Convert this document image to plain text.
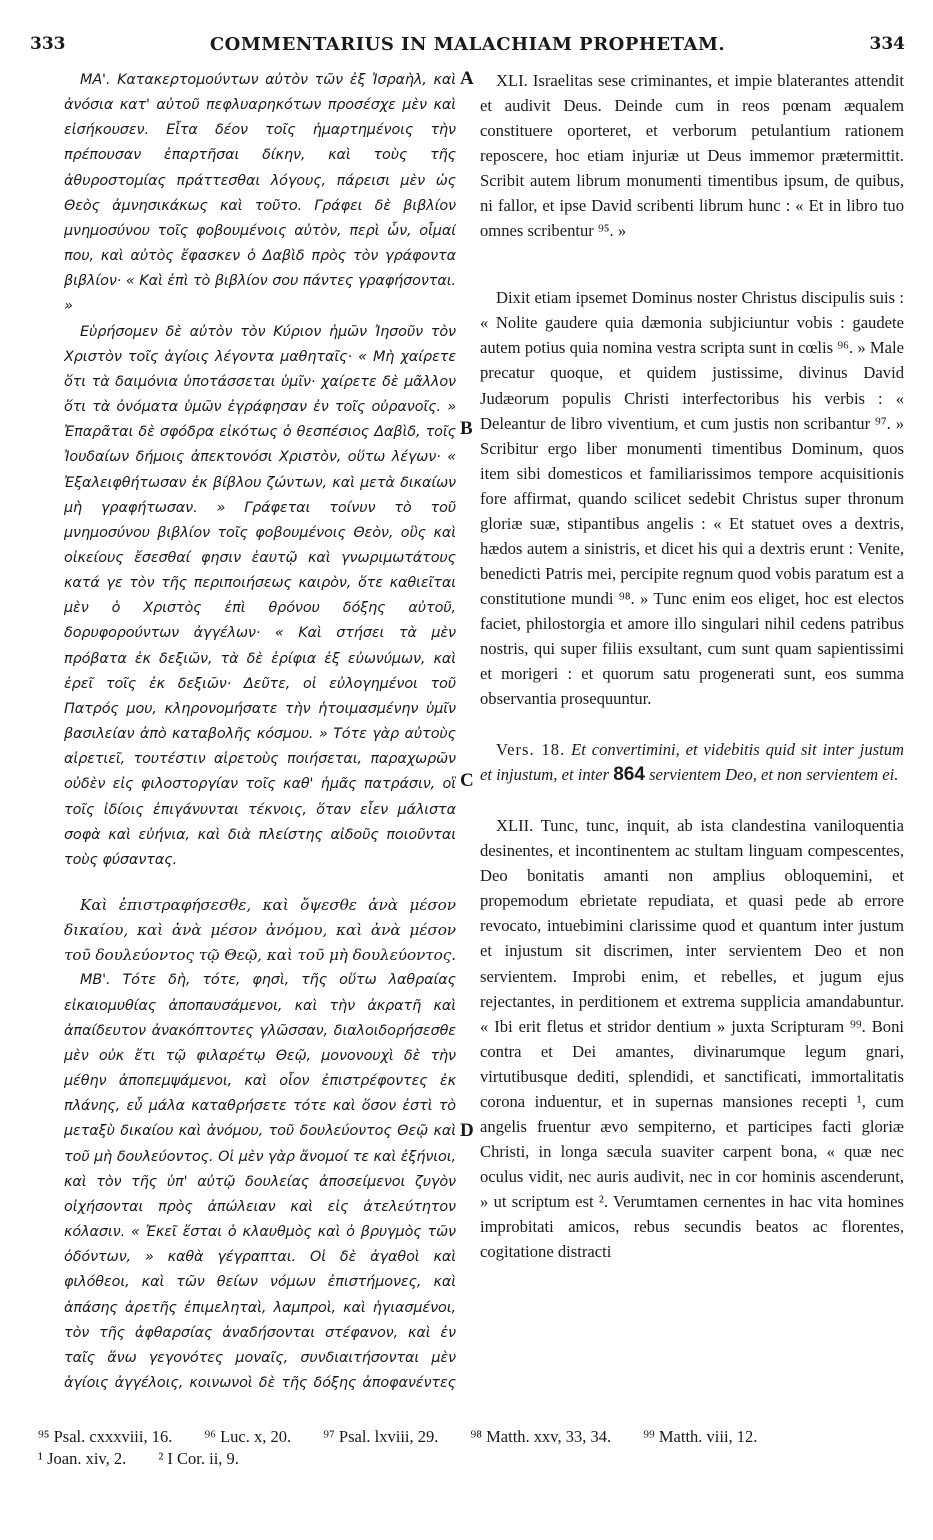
333	COMMENTARIUS IN MALACHIAM PROPHETAM.	334

ΜΑ'. Κατακερτομούντων αὐτὸν τῶν ἐξ Ἰσραὴλ, καὶ ἀνόσια κατ' αὐτοῦ πεφλυαρηκότων προσέσχε μὲν καὶ εἰσήκουσεν. Εἶτα δέον τοῖς ἡμαρτημένοις τὴν πρέπουσαν ἐπαρτῆσαι δίκην, καὶ τοὺς τῆς ἀθυροστομίας πράττεσθαι λόγους, πάρεισι μὲν ὡς Θεὸς ἀμνησικάκως καὶ τοῦτο. Γράφει δὲ βιβλίον μνημοσύνου τοῖς φοβουμένοις αὐτὸν, περὶ ὧν, οἶμαί που, καὶ αὐτὸς ἔφασκεν ὁ Δαβὶδ πρὸς τὸν γράφοντα βιβλίον· « Καὶ ἐπὶ τὸ βιβλίον σου πάντες γραφήσονται. »

Εὑρήσομεν δὲ αὐτὸν τὸν Κύριον ἡμῶν Ἰησοῦν τὸν Χριστὸν τοῖς ἁγίοις λέγοντα μαθηταῖς· « Μὴ χαίρετε ὅτι τὰ δαιμόνια ὑποτάσσεται ὑμῖν· χαίρετε δὲ μᾶλλον ὅτι τὰ ὀνόματα ὑμῶν ἐγράφησαν ἐν τοῖς οὐρανοῖς. » Ἐπαρᾶται δὲ σφόδρα εἰκότως ὁ θεσπέσιος Δαβὶδ, τοῖς Ἰουδαίων δήμοις ἀπεκτονόσι Χριστὸν, οὕτω λέγων· « Ἐξαλειφθήτωσαν ἐκ βίβλου ζώντων, καὶ μετὰ δικαίων μὴ γραφήτωσαν. » Γράφεται τοίνυν τὸ τοῦ μνημοσύνου βιβλίον τοῖς φοβουμένοις Θεὸν, οὓς καὶ οἰκείους ἔσεσθαί φησιν ἑαυτῷ καὶ γνωριμωτάτους κατά γε τὸν τῆς περιποιήσεως καιρὸν, ὅτε καθιεῖται μὲν ὁ Χριστὸς ἐπὶ θρόνου δόξης αὐτοῦ, δορυφορούντων ἀγγέλων· « Καὶ στήσει τὰ μὲν πρόβατα ἐκ δεξιῶν, τὰ δὲ ἐρίφια ἐξ εὐωνύμων, καὶ ἐρεῖ τοῖς ἐκ δεξιῶν· Δεῦτε, οἱ εὐλογημένοι τοῦ Πατρός μου, κληρονομήσατε τὴν ἡτοιμασμένην ὑμῖν βασιλείαν ἀπὸ καταβολῆς κόσμου. » Τότε γὰρ αὐτοὺς αἱρετιεῖ, τουτέστιν αἱρετοὺς ποιήσεται, παραχωρῶν οὐδὲν εἰς φιλοστοργίαν τοῖς καθ' ἡμᾶς πατράσιν, οἳ τοῖς ἰδίοις ἐπιγάνυνται τέκνοις, ὅταν εἶεν μάλιστα σοφὰ καὶ εὐήνια, καὶ διὰ πλείστης αἰδοῦς ποιοῦνται τοὺς φύσαντας.

Καὶ ἐπιστραφήσεσθε, καὶ ὄψεσθε ἀνὰ μέσον δικαίου, καὶ ἀνὰ μέσον ἀνόμου, καὶ ἀνὰ μέσον τοῦ δουλεύοντος τῷ Θεῷ, καὶ τοῦ μὴ δουλεύοντος.

ΜΒ'. Τότε δὴ, τότε, φησὶ, τῆς οὕτω λαθραίας εἰκαιομυθίας ἀποπαυσάμενοι, καὶ τὴν ἀκρατῆ καὶ ἀπαίδευτον ἀνακόπτοντες γλῶσσαν, διαλοιδορήσεσθε μὲν οὐκ ἔτι τῷ φιλαρέτῳ Θεῷ, μονονουχὶ δὲ τὴν μέθην ἀποπεμψάμενοι, καὶ οἷον ἐπιστρέφοντες ἐκ πλάνης, εὖ μάλα καταθρήσετε τότε καὶ ὅσον ἐστὶ τὸ μεταξὺ δικαίου καὶ ἀνόμου, τοῦ δουλεύοντος Θεῷ καὶ τοῦ μὴ δουλεύοντος. Οἱ μὲν γὰρ ἄνομοί τε καὶ ἐξήνιοι, καὶ τὸν τῆς ὑπ' αὐτῷ δουλείας ἀποσείμενοι ζυγὸν οἰχήσονται πρὸς ἀπώλειαν καὶ εἰς ἀτελεύτητον κόλασιν. « Ἐκεῖ ἔσται ὁ κλαυθμὸς καὶ ὁ βρυγμὸς τῶν ὀδόντων, » καθὰ γέγραπται. Οἱ δὲ ἀγαθοὶ καὶ φιλόθεοι, καὶ τῶν θείων νόμων ἐπιστήμονες, καὶ ἁπάσης ἀρετῆς ἐπιμεληταὶ, λαμπροὶ, καὶ ἡγιασμένοι, τὸν τῆς ἀφθαρσίας ἀναδήσονται στέφανον, καὶ ἐν ταῖς ἄνω γεγονότες μοναῖς, συνδιαιτήσονται μὲν ἁγίοις ἀγγέλοις, κοινωνοὶ δὲ τῆς δόξης ἀποφανέντες

XLI. Israelitas sese criminantes, et impie blaterantes attendit et audivit Deus. Deinde cum in reos pœnam æqualem constituere oporteret, et verborum petulantium rationem reposcere, hoc etiam injuriæ ut Deus immemor prætermittit. Scribit autem librum monumenti timentibus ipsum, de quibus, ni fallor, et ipse David scribenti librum hunc : « Et in libro tuo omnes scribentur ⁹⁵. »

Dixit etiam ipsemet Dominus noster Christus discipulis suis : « Nolite gaudere quia dæmonia subjiciuntur vobis : gaudete autem potius quia nomina vestra scripta sunt in cœlis ⁹⁶. » Male precatur quoque, et quidem justissime, divinus David Judæorum populis Christi interfectoribus his verbis : « Deleantur de libro viventium, et cum justis non scribantur ⁹⁷. » Scribitur ergo liber monumenti timentibus Dominum, quos item sibi domesticos et familiarissimos tempore acquisitionis fore affirmat, quando scilicet sedebit Christus super thronum gloriæ suæ, stipantibus angelis : « Et statuet oves a dextris, hædos autem a sinistris, et dicet his qui a dextris erunt : Venite, benedicti Patris mei, percipite regnum quod vobis paratum est a constitutione mundi ⁹⁸. » Tunc enim eos eliget, hoc est electos faciet, philostorgia et amore illo singulari nihil cedens patribus nostris, qui super filiis exsultant, cum sunt quam sapientissimi et morigeri : et quorum satu progenerati sunt, eos summa observantia prosequuntur.

Vers. 18. Et convertimini, et videbitis quid sit inter justum et injustum, et inter 864 servientem Deo, et non servientem ei.

XLII. Tunc, tunc, inquit, ab ista clandestina vaniloquentia desinentes, et incontinentem ac stultam linguam compescentes, Deo bonitatis amanti non amplius obloquemini, et propemodum ebrietate repudiata, et quasi pede ab errore revocato, intuebimini clarissime quod et quantum inter justum et injustum sit discrimen, inter servientem Deo et non servientem. Improbi enim, et rebelles, et jugum ejus rejectantes, in perditionem et extrema supplicia amandabuntur. « Ibi erit fletus et stridor dentium » juxta Scripturam ⁹⁹. Boni contra et Dei amantes, divinarumque legum gnari, virtutibusque dediti, splendidi, et sanctificati, immortalitatis corona induentur, et in supernas mansiones recepti ¹, cum angelis fruentur ævo sempiterno, et participes facti gloriæ Christi, in longa sæcula suaviter carpent bona, « quæ nec oculus vidit, nec auris audivit, nec in cor hominis ascenderunt, » ut scriptum est ². Verumtamen cernentes in hac vita homines improbitati amicos, rebus secundis beatos ac florentes, cogitatione distracti

A
B
C
D
⁹⁵ Psal. cxxxviii, 16. ⁹⁶ Luc. x, 20. ⁹⁷ Psal. lxviii, 29. ⁹⁸ Matth. xxv, 33, 34. ⁹⁹ Matth. viii, 12.
¹ Joan. xiv, 2. ² I Cor. ii, 9.
